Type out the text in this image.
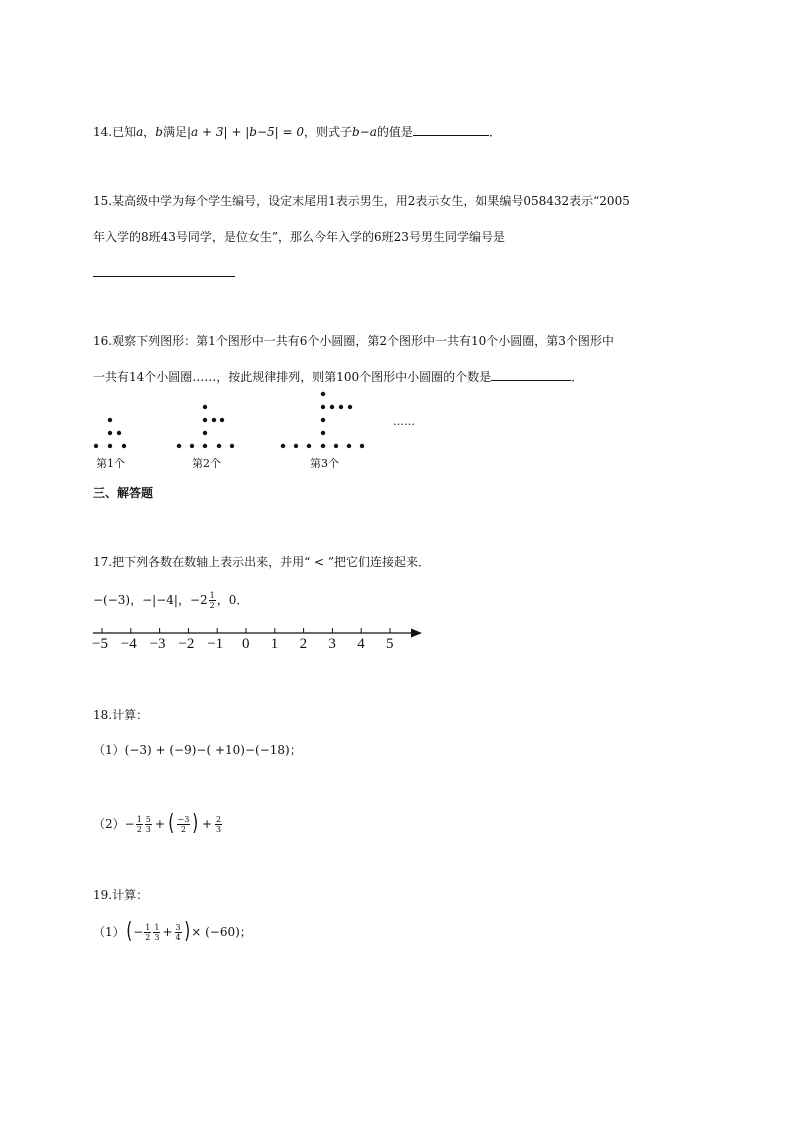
14.已知a，b满足|a + 3| + |b−5| = 0，则式子b−a的值是	．
15.某高级中学为每个学生编号，设定末尾用1表示男生，用2表示女生，如果编号058432表示“2005
年入学的8班43号同学，是位女生”，那么今年入学的6班23号男生同学编号是
16.观察下列图形：第1个图形中一共有6个小圆圈，第2个图形中一共有10个小圆圈，第3个图形中
一共有14个小圆圈……，按此规律排列，则第100个图形中小圆圈的个数是	．
……
第1个	第2个	第3个
三、解答题
17.把下列各数在数轴上表示出来，并用“ < ”把它们连接起来．
−(−3)，−|−4|，$-2 \frac{1}{2}$ ，0．
−5 −4 −3 −2 −1 0 1 2 3 4 5
18.计算：
（1）(−3) + (−9)−( +10)−(−18)；
$(2) - \frac{1}{2} \frac{5}{3}$ + ( $\frac{-3}{2}$ ) + $\frac{2}{3}$
19.计算：
（1） ( − $\frac{1}{2} \frac{1}{3} + \frac{3}{4}$ ) × (−60)；
